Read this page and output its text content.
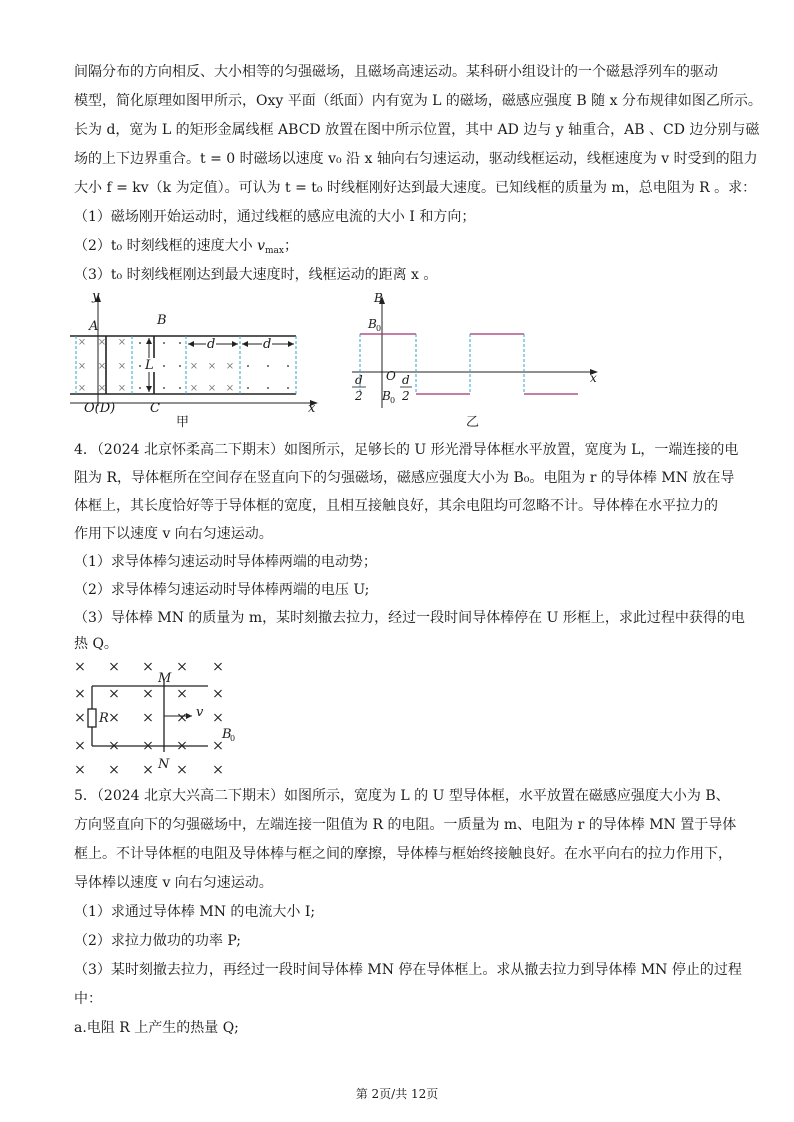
间隔分布的方向相反、大小相等的匀强磁场，且磁场高速运动。某科研小组设计的一个磁悬浮列车的驱动
模型，简化原理如图甲所示，Oxy 平面（纸面）内有宽为 L 的磁场，磁感应强度 B 随 x 分布规律如图乙所示。
长为 d，宽为 L 的矩形金属线框 ABCD 放置在图中所示位置，其中 AD 边与 y 轴重合，AB 、CD 边分别与磁
场的上下边界重合。t = 0 时磁场以速度 v₀ 沿 x 轴向右匀速运动，驱动线框运动，线框速度为 v 时受到的阻力
大小 f = kv（k 为定值）。可认为 t = t₀ 时线框刚好达到最大速度。已知线框的质量为 m，总电阻为 R 。求：
（1）磁场刚开始运动时，通过线框的感应电流的大小 I 和方向；
（2）t₀ 时刻线框的速度大小 $v_{max}$；
（3）t₀ 时刻线框刚达到最大速度时，线框运动的距离 x 。
× × ×
× × ×
× × ×
× × ×
× × ×
y
A	B
L
C
O(D)	x
d	d
甲
B
B
O	x
d
2
d
2
B
0
0
乙
4．（2024 北京怀柔高二下期末）如图所示，足够长的 U 形光滑导体框水平放置，宽度为 L，一端连接的电
阻为 R，导体框所在空间存在竖直向下的匀强磁场，磁感应强度大小为 B₀。电阻为 r 的导体棒 MN 放在导
体框上，其长度恰好等于导体框的宽度，且相互接触良好，其余电阻均可忽略不计。导体棒在水平拉力的
作用下以速度 v 向右匀速运动。
（1）求导体棒匀速运动时导体棒两端的电动势；
（2）求导体棒匀速运动时导体棒两端的电压 U;
（3）导体棒 MN 的质量为 m，某时刻撤去拉力，经过一段时间导体棒停在 U 形框上，求此过程中获得的电
热 Q。
× × × × ×
× × × × ×
× × × × ×
× × × × ×
× × × × ×
M
N
R	v
B
0
5．（2024 北京大兴高二下期末）如图所示，宽度为 L 的 U 型导体框，水平放置在磁感应强度大小为 B、
方向竖直向下的匀强磁场中，左端连接一阻值为 R 的电阻。一质量为 m、电阻为 r 的导体棒 MN 置于导体
框上。不计导体框的电阻及导体棒与框之间的摩擦，导体棒与框始终接触良好。在水平向右的拉力作用下，
导体棒以速度 v 向右匀速运动。
（1）求通过导体棒 MN 的电流大小 I;
（2）求拉力做功的功率 P;
（3）某时刻撤去拉力，再经过一段时间导体棒 MN 停在导体框上。求从撤去拉力到导体棒 MN 停止的过程
中：
a.电阻 R 上产生的热量 Q;
第 2页/共 12页
